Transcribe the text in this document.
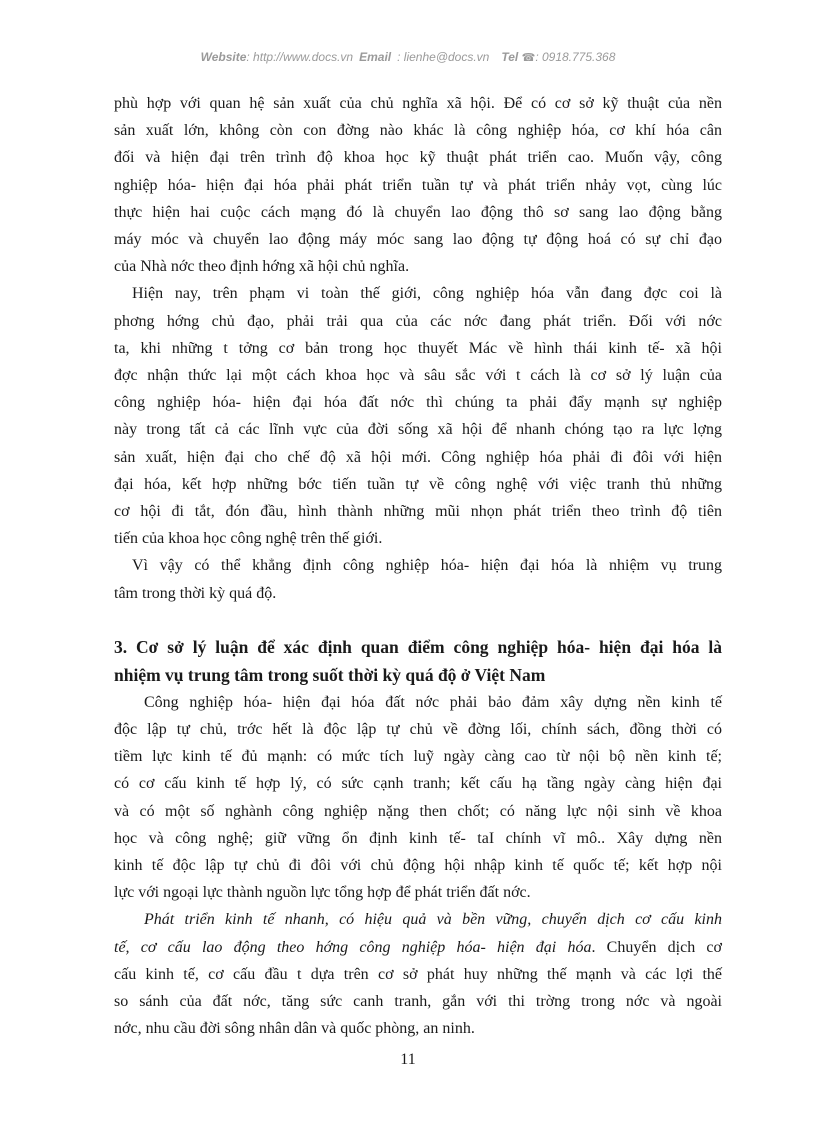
Website: http://www.docs.vn Email : lienhe@docs.vn Tel ☎: 0918.775.368

phù hợp với quan hệ sản xuất của chủ nghĩa xã hội. Để có cơ sở kỹ thuật của nền
sản xuất lớn, không còn con đờng nào khác là công nghiệp hóa, cơ khí hóa cân
đối và hiện đại trên trình độ khoa học kỹ thuật phát triển cao. Muốn vậy, công
nghiệp hóa- hiện đại hóa phải phát triển tuần tự và phát triển nhảy vọt, cùng lúc
thực hiện hai cuộc cách mạng đó là chuyển lao động thô sơ sang lao động bằng
máy móc và chuyển lao động máy móc sang lao động tự động hoá có sự chỉ đạo
của Nhà nớc theo định hớng xã hội chủ nghĩa.

Hiện nay, trên phạm vi toàn thế giới, công nghiệp hóa vẫn đang đợc coi là
phơng hớng chủ đạo, phải trải qua của các nớc đang phát triển. Đối với nớc
ta, khi những t tởng cơ bản trong học thuyết Mác về hình thái kinh tế- xã hội
đợc nhận thức lại một cách khoa học và sâu sắc với t cách là cơ sở lý luận của
công nghiệp hóa- hiện đại hóa đất nớc thì chúng ta phải đẩy mạnh sự nghiệp
này trong tất cả các lĩnh vực của đời sống xã hội để nhanh chóng tạo ra lực lợng
sản xuất, hiện đại cho chế độ xã hội mới. Công nghiệp hóa phải đi đôi với hiện
đại hóa, kết hợp những bớc tiến tuần tự về công nghệ với việc tranh thủ những
cơ hội đi tắt, đón đầu, hình thành những mũi nhọn phát triển theo trình độ tiên
tiến của khoa học công nghệ trên thế giới.

Vì vậy có thể khẳng định công nghiệp hóa- hiện đại hóa là nhiệm vụ trung
tâm trong thời kỳ quá độ.

3. Cơ sở lý luận để xác định quan điểm công nghiệp hóa- hiện đại hóa là
nhiệm vụ trung tâm trong suốt thời kỳ quá độ ở Việt Nam

Công nghiệp hóa- hiện đại hóa đất nớc phải bảo đảm xây dựng nền kinh tế
độc lập tự chủ, trớc hết là độc lập tự chủ về đờng lối, chính sách, đồng thời có
tiềm lực kinh tế đủ mạnh: có mức tích luỹ ngày càng cao từ nội bộ nền kinh tế;
có cơ cấu kinh tế hợp lý, có sức cạnh tranh; kết cấu hạ tầng ngày càng hiện đại
và có một số nghành công nghiệp nặng then chốt; có năng lực nội sinh về khoa
học và công nghệ; giữ vững ổn định kinh tế- taI chính vĩ mô.. Xây dựng nền
kinh tế độc lập tự chủ đi đôi với chủ động hội nhập kinh tế quốc tế; kết hợp nội
lực với ngoại lực thành nguồn lực tổng hợp để phát triển đất nớc.

Phát triển kinh tế nhanh, có hiệu quả và bền vững, chuyển dịch cơ cấu kinh
tế, cơ cấu lao động theo hớng công nghiệp hóa- hiện đại hóa. Chuyển dịch cơ
cấu kinh tế, cơ cấu đầu t dựa trên cơ sở phát huy những thế mạnh và các lợi thế
so sánh của đất nớc, tăng sức canh tranh, gắn với thi trờng trong nớc và ngoài
nớc, nhu cầu đời sông nhân dân và quốc phòng, an ninh.

11
